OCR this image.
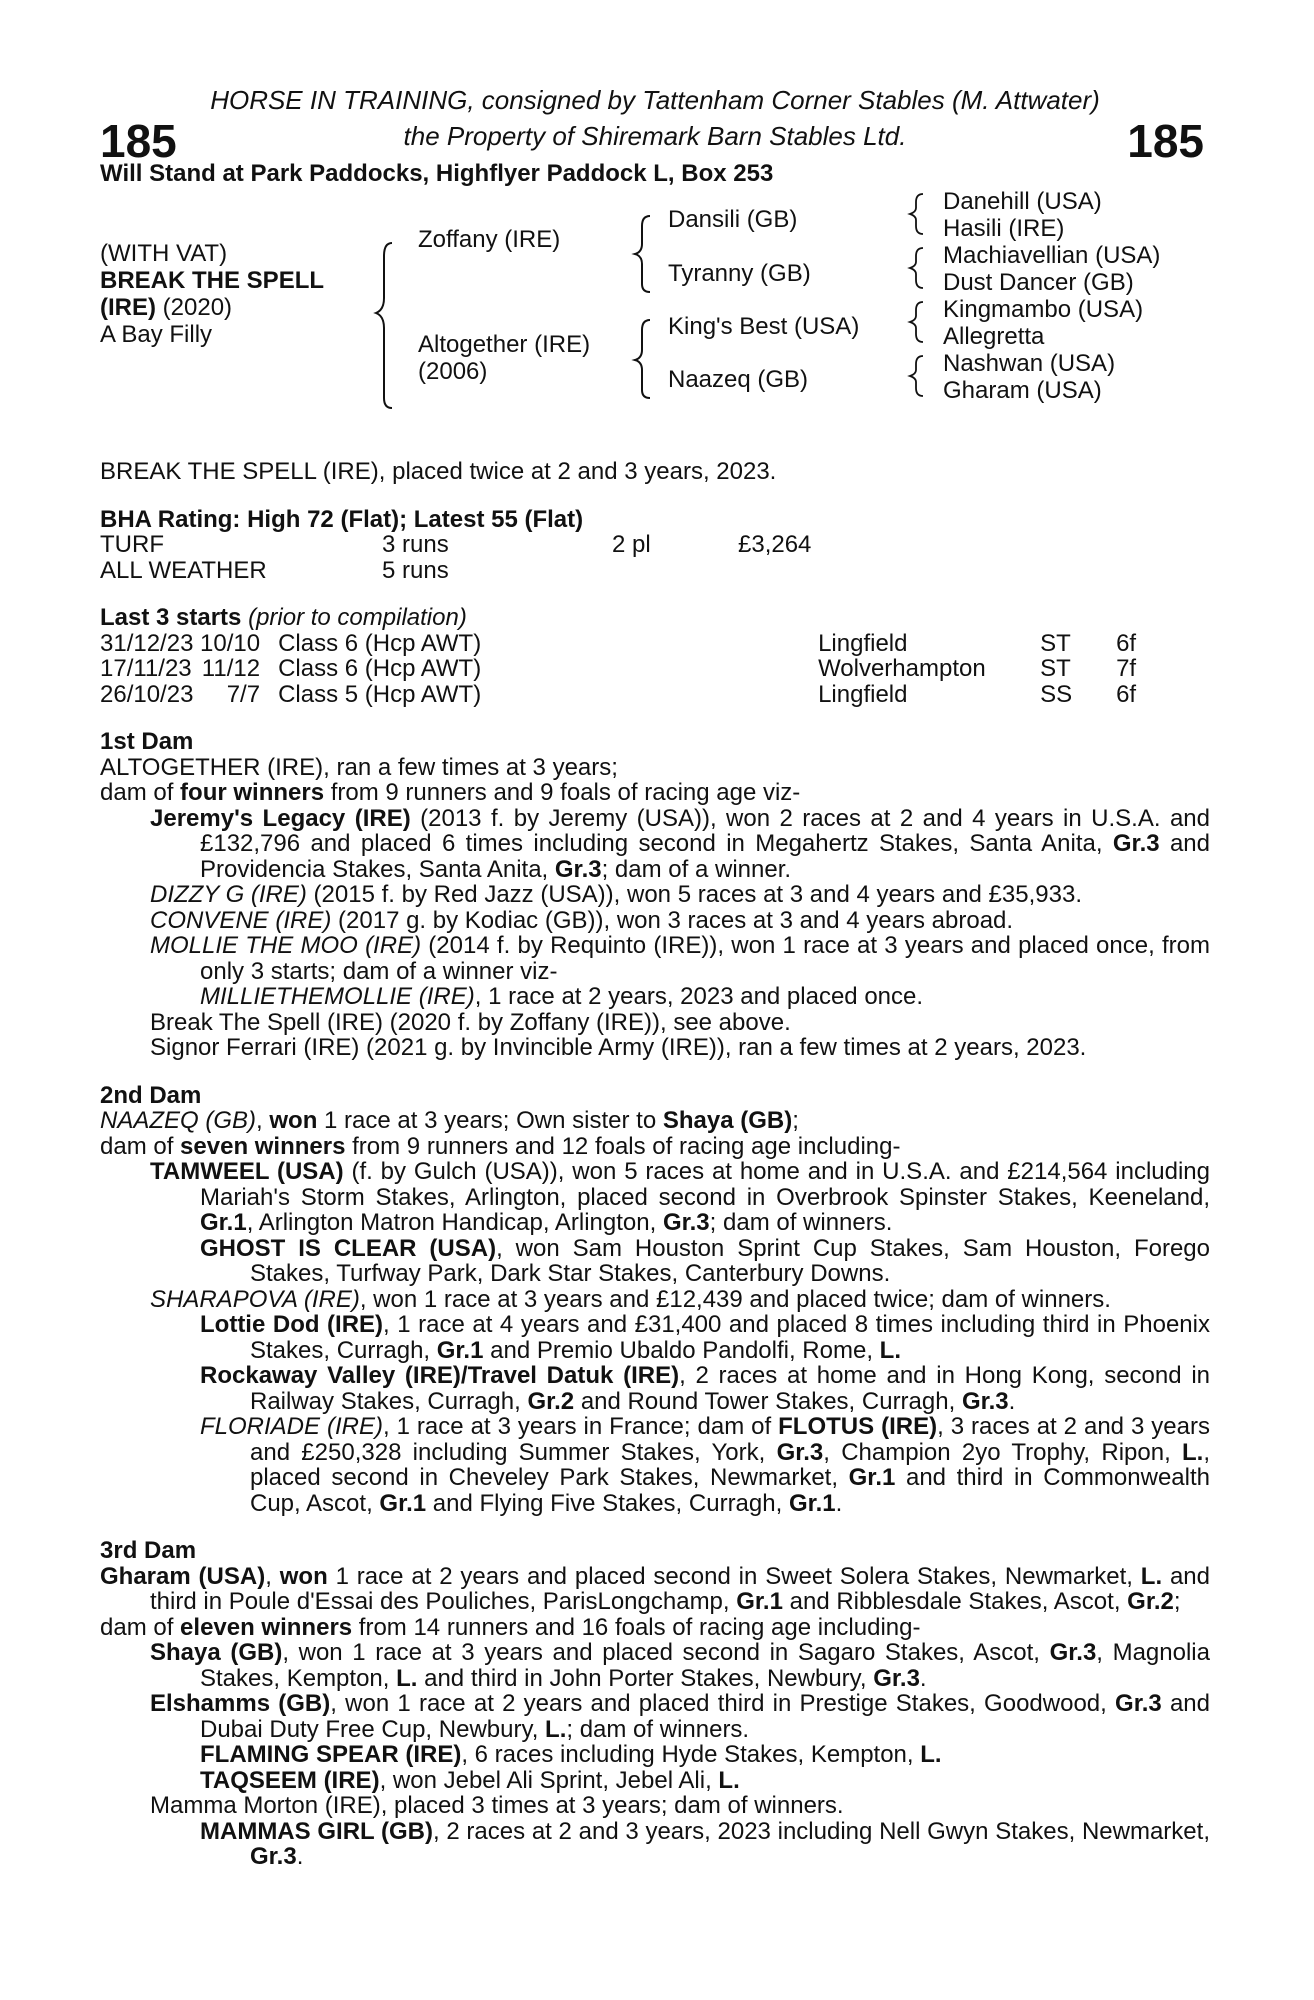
185	185
HORSE IN TRAINING, consigned by Tattenham Corner Stables (M. Attwater)
the Property of Shiremark Barn Stables Ltd.
Will Stand at Park Paddocks, Highflyer Paddock L, Box 253
(WITH VAT)
BREAK THE SPELL
(IRE) (2020)
A Bay Filly
Zoffany (IRE)
Altogether (IRE)
(2006)
Dansili (GB)
Tyranny (GB)
King's Best (USA)
Naazeq (GB)
Danehill (USA)
Hasili (IRE)
Machiavellian (USA)
Dust Dancer (GB)
Kingmambo (USA)
Allegretta
Nashwan (USA)
Gharam (USA)
BREAK THE SPELL (IRE), placed twice at 2 and 3 years, 2023.
BHA Rating: High 72 (Flat); Latest 55 (Flat)
TURF	3 runs	2 pl	£3,264
ALL WEATHER	5 runs		
Last 3 starts (prior to compilation)
31/12/23	10/10	Class 6 (Hcp AWT)	Lingfield	ST	6f
17/11/23	11/12	Class 6 (Hcp AWT)	Wolverhampton	ST	7f
26/10/23	7/7	Class 5 (Hcp AWT)	Lingfield	SS	6f
1st Dam
ALTOGETHER (IRE), ran a few times at 3 years;
dam of four winners from 9 runners and 9 foals of racing age viz-
Jeremy's Legacy (IRE) (2013 f. by Jeremy (USA)), won 2 races at 2 and 4 years in U.S.A. and £132,796 and placed 6 times including second in Megahertz Stakes, Santa Anita, Gr.3 and Providencia Stakes, Santa Anita, Gr.3; dam of a winner.
DIZZY G (IRE) (2015 f. by Red Jazz (USA)), won 5 races at 3 and 4 years and £35,933.
CONVENE (IRE) (2017 g. by Kodiac (GB)), won 3 races at 3 and 4 years abroad.
MOLLIE THE MOO (IRE) (2014 f. by Requinto (IRE)), won 1 race at 3 years and placed once, from only 3 starts; dam of a winner viz-
MILLIETHEMOLLIE (IRE), 1 race at 2 years, 2023 and placed once.
Break The Spell (IRE) (2020 f. by Zoffany (IRE)), see above.
Signor Ferrari (IRE) (2021 g. by Invincible Army (IRE)), ran a few times at 2 years, 2023.
2nd Dam
NAAZEQ (GB), won 1 race at 3 years; Own sister to Shaya (GB);
dam of seven winners from 9 runners and 12 foals of racing age including-
TAMWEEL (USA) (f. by Gulch (USA)), won 5 races at home and in U.S.A. and £214,564 including Mariah's Storm Stakes, Arlington, placed second in Overbrook Spinster Stakes, Keeneland, Gr.1, Arlington Matron Handicap, Arlington, Gr.3; dam of winners.
GHOST IS CLEAR (USA), won Sam Houston Sprint Cup Stakes, Sam Houston, Forego Stakes, Turfway Park, Dark Star Stakes, Canterbury Downs.
SHARAPOVA (IRE), won 1 race at 3 years and £12,439 and placed twice; dam of winners.
Lottie Dod (IRE), 1 race at 4 years and £31,400 and placed 8 times including third in Phoenix Stakes, Curragh, Gr.1 and Premio Ubaldo Pandolfi, Rome, L.
Rockaway Valley (IRE)/Travel Datuk (IRE), 2 races at home and in Hong Kong, second in Railway Stakes, Curragh, Gr.2 and Round Tower Stakes, Curragh, Gr.3.
FLORIADE (IRE), 1 race at 3 years in France; dam of FLOTUS (IRE), 3 races at 2 and 3 years and £250,328 including Summer Stakes, York, Gr.3, Champion 2yo Trophy, Ripon, L., placed second in Cheveley Park Stakes, Newmarket, Gr.1 and third in Commonwealth Cup, Ascot, Gr.1 and Flying Five Stakes, Curragh, Gr.1.
3rd Dam
Gharam (USA), won 1 race at 2 years and placed second in Sweet Solera Stakes, Newmarket, L. and third in Poule d'Essai des Pouliches, ParisLongchamp, Gr.1 and Ribblesdale Stakes, Ascot, Gr.2;
dam of eleven winners from 14 runners and 16 foals of racing age including-
Shaya (GB), won 1 race at 3 years and placed second in Sagaro Stakes, Ascot, Gr.3, Magnolia Stakes, Kempton, L. and third in John Porter Stakes, Newbury, Gr.3.
Elshamms (GB), won 1 race at 2 years and placed third in Prestige Stakes, Goodwood, Gr.3 and Dubai Duty Free Cup, Newbury, L.; dam of winners.
FLAMING SPEAR (IRE), 6 races including Hyde Stakes, Kempton, L.
TAQSEEM (IRE), won Jebel Ali Sprint, Jebel Ali, L.
Mamma Morton (IRE), placed 3 times at 3 years; dam of winners.
MAMMAS GIRL (GB), 2 races at 2 and 3 years, 2023 including Nell Gwyn Stakes, Newmarket, Gr.3.
